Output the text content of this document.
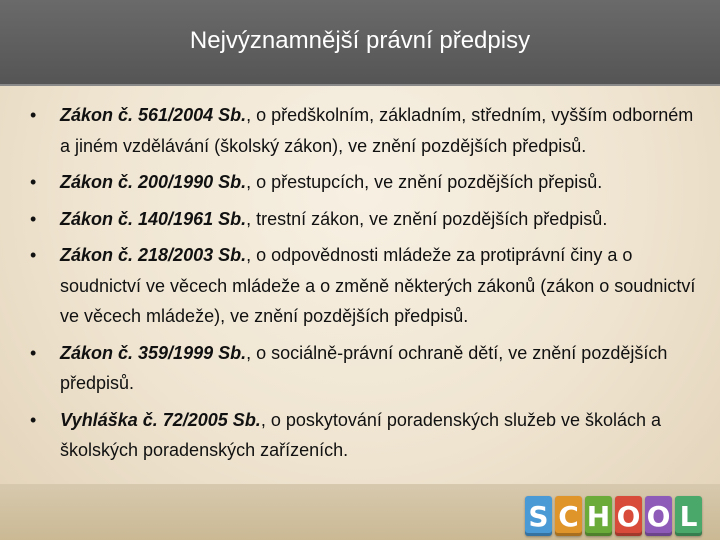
Nejvýznamnější právní předpisy
•	Zákon č. 561/2004 Sb., o předškolním, základním, středním, vyšším odborném a jiném vzdělávání (školský zákon), ve znění pozdějších předpisů.
•	Zákon č. 200/1990 Sb., o přestupcích, ve znění pozdějších přepisů.
•	Zákon č. 140/1961 Sb., trestní zákon, ve znění pozdějších předpisů.
•	Zákon č. 218/2003 Sb., o odpovědnosti mládeže za protiprávní činy a o soudnictví ve věcech mládeže a o změně některých zákonů (zákon o soudnictví ve věcech mládeže), ve znění pozdějších předpisů.
•	Zákon č. 359/1999 Sb., o sociálně-právní ochraně dětí, ve znění pozdějších předpisů.
•	Vyhláška č. 72/2005 Sb., o poskytování poradenských služeb ve školách a školských poradenských zařízeních.
S C H O O L
